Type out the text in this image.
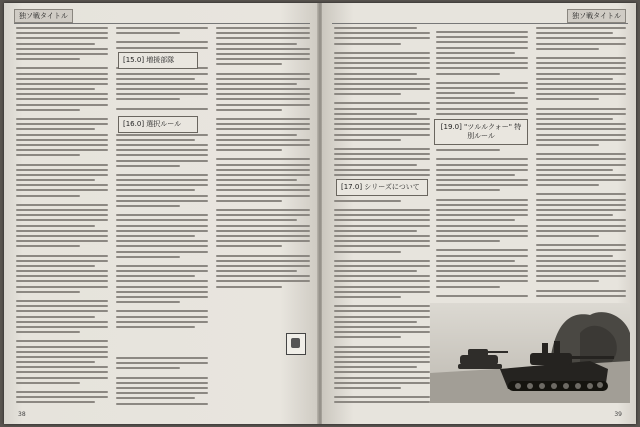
独ソ戦タイトル
[15.0] 増援部隊
[16.0] 選択ルール
38
独ソ戦タイトル
[17.0] シリーズについて
[19.0] "ツルルクォー" 特別ルール
39
